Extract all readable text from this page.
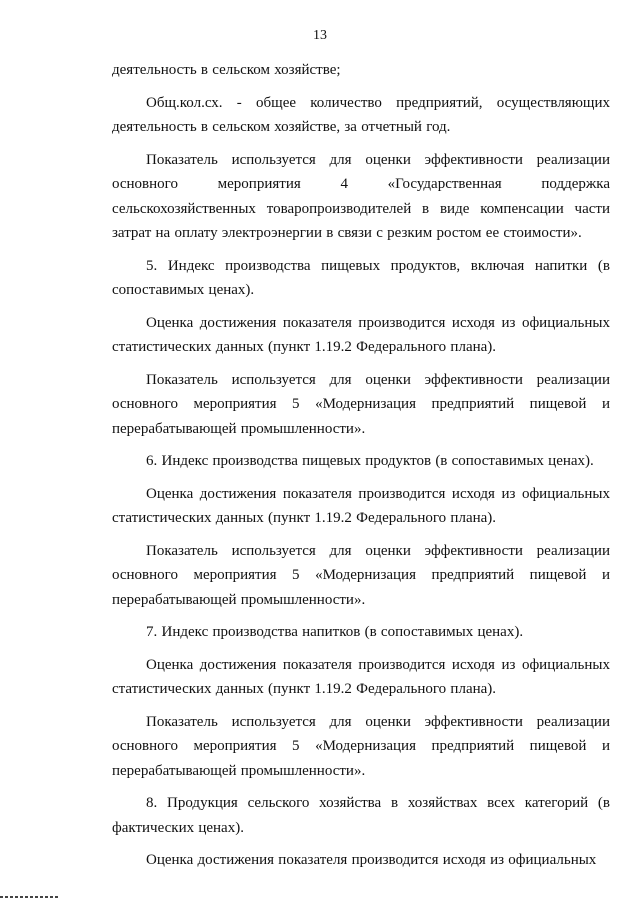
13

деятельность в сельском хозяйстве;

Общ.кол.сх. - общее количество предприятий, осуществляющих деятельность в сельском хозяйстве, за отчетный год.

Показатель используется для оценки эффективности реализации основного мероприятия 4 «Государственная поддержка сельскохозяйственных товаропроизводителей в виде компенсации части затрат на оплату электроэнергии в связи с резким ростом ее стоимости».

5. Индекс производства пищевых продуктов, включая напитки (в сопоставимых ценах).

Оценка достижения показателя производится исходя из официальных статистических данных (пункт 1.19.2 Федерального плана).

Показатель используется для оценки эффективности реализации основного мероприятия 5 «Модернизация предприятий пищевой и перерабатывающей промышленности».

6. Индекс производства пищевых продуктов (в сопоставимых ценах).

Оценка достижения показателя производится исходя из официальных статистических данных (пункт 1.19.2 Федерального плана).

Показатель используется для оценки эффективности реализации основного мероприятия 5 «Модернизация предприятий пищевой и перерабатывающей промышленности».

7. Индекс производства напитков (в сопоставимых ценах).

Оценка достижения показателя производится исходя из официальных статистических данных (пункт 1.19.2 Федерального плана).

Показатель используется для оценки эффективности реализации основного мероприятия 5 «Модернизация предприятий пищевой и перерабатывающей промышленности».

8. Продукция сельского хозяйства в хозяйствах всех категорий (в фактических ценах).

Оценка достижения показателя производится исходя из официальных
